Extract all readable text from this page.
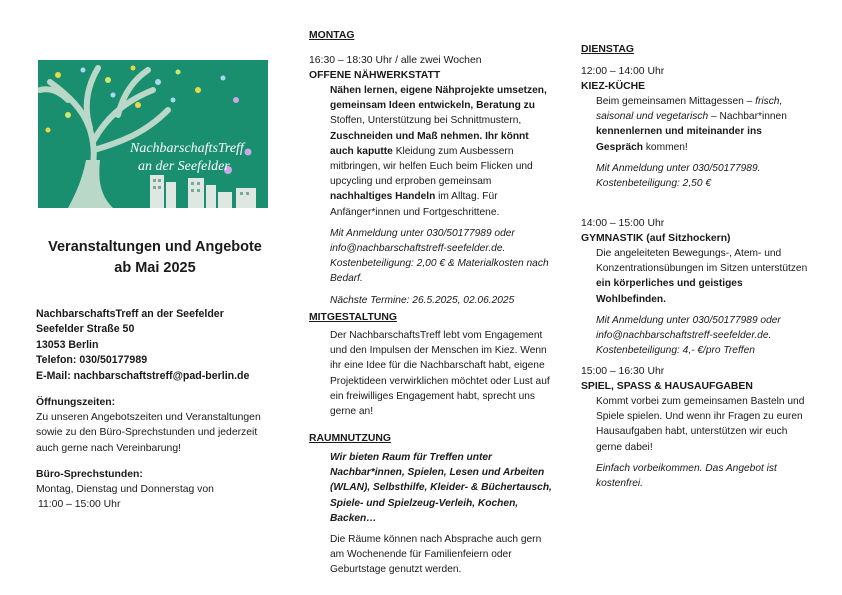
NachbarschaftsTreff
an der Seefelder
Veranstaltungen und Angebote
ab Mai 2025
NachbarschaftsTreff an der Seefelder
Seefelder Straße 50
13053 Berlin
Telefon: 030/50177989
E-Mail: nachbarschaftstreff@pad-berlin.de
Öffnungszeiten:

Zu unseren Angebotszeiten und Veranstaltungen sowie zu den Büro-Sprechstunden und jederzeit auch gerne nach Vereinbarung!

Büro-Sprechstunden:
Montag, Dienstag und Donnerstag von
11:00 – 15:00 Uhr
MONTAG
16:30 – 18:30 Uhr / alle zwei Wochen
OFFENE NÄHWERKSTATT

Nähen lernen, eigene Nähprojekte umsetzen, gemeinsam Ideen entwickeln, Beratung zu Stoffen, Unterstützung bei Schnittmustern, Zuschneiden und Maß nehmen. Ihr könnt auch kaputte Kleidung zum Ausbessern mitbringen, wir helfen Euch beim Flicken und upcycling und erproben gemeinsam nachhaltiges Handeln im Alltag. Für Anfänger*innen und Fortgeschrittene.

Mit Anmeldung unter 030/50177989 oder info@nachbarschaftstreff-seefelder.de.

Kostenbeteiligung: 2,00 € & Materialkosten nach Bedarf.

Nächste Termine: 26.5.2025, 02.06.2025

MITGESTALTUNG

Der NachbarschaftsTreff lebt vom Engagement und den Impulsen der Menschen im Kiez. Wenn ihr eine Idee für die Nachbarschaft habt, eigene Projektideen verwirklichen möchtet oder Lust auf ein freiwilliges Engagement habt, sprecht uns gerne an!

RAUMNUTZUNG

Wir bieten Raum für Treffen unter Nachbar*innen, Spielen, Lesen und Arbeiten (WLAN), Selbsthilfe, Kleider- & Büchertausch, Spiele- und Spielzeug-Verleih, Kochen, Backen…

Die Räume können nach Absprache auch gern am Wochenende für Familienfeiern oder Geburtstage genutzt werden.

DIENSTAG
12:00 – 14:00 Uhr
KIEZ-KÜCHE

Beim gemeinsamen Mittagessen – frisch, saisonal und vegetarisch – Nachbar*innen kennenlernen und miteinander ins Gespräch kommen!

Mit Anmeldung unter 030/50177989.

Kostenbeteiligung: 2,50 €

14:00 – 15:00 Uhr
GYMNASTIK (auf Sitzhockern)

Die angeleiteten Bewegungs-, Atem- und Konzentrationsübungen im Sitzen unterstützen ein körperliches und geistiges Wohlbefinden.

Mit Anmeldung unter 030/50177989 oder info@nachbarschaftstreff-seefelder.de.

Kostenbeteiligung: 4,- €/pro Treffen

15:00 – 16:30 Uhr
SPIEL, SPASS & HAUSAUFGABEN

Kommt vorbei zum gemeinsamen Basteln und Spiele spielen. Und wenn ihr Fragen zu euren Hausaufgaben habt, unterstützen wir euch gerne dabei!

Einfach vorbeikommen. Das Angebot ist kostenfrei.
